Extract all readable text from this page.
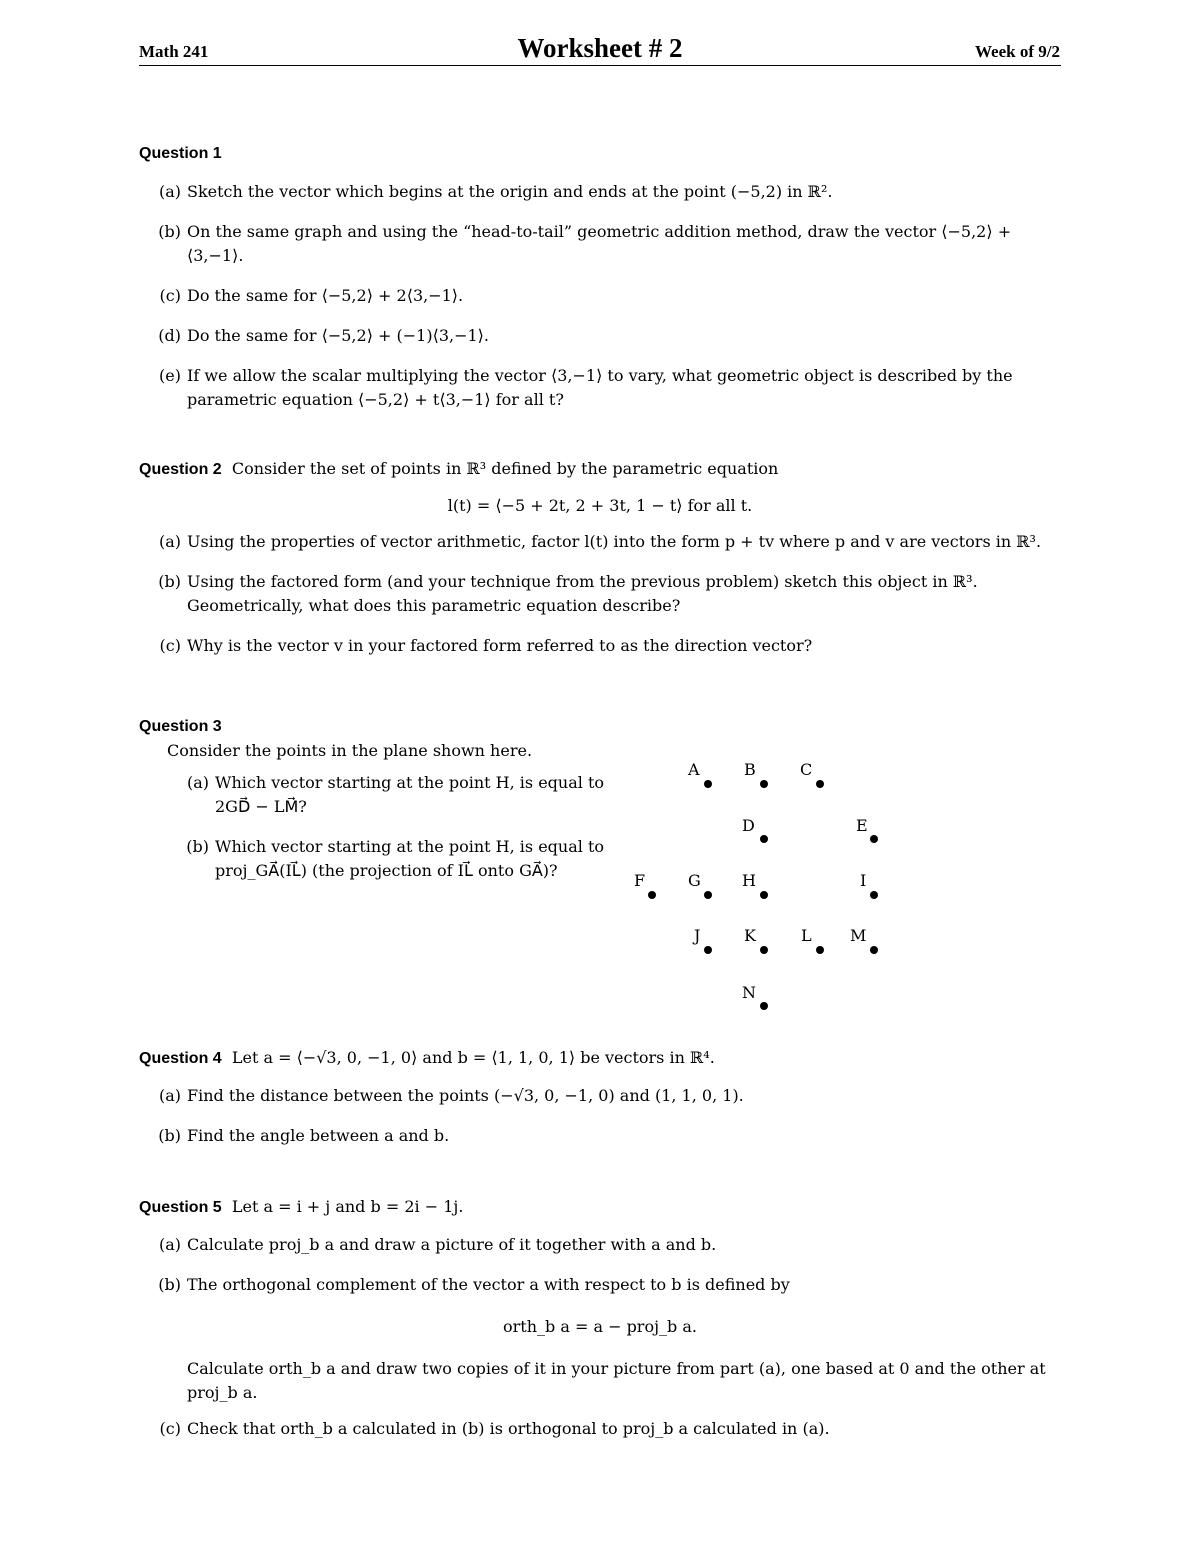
Math 241	Worksheet # 2	Week of 9/2
Question 1
(a) Sketch the vector which begins at the origin and ends at the point (−5,2) in ℝ².
(b) On the same graph and using the “head-to-tail” geometric addition method, draw the vector ⟨−5,2⟩ + ⟨3,−1⟩.
(c) Do the same for ⟨−5,2⟩ + 2⟨3,−1⟩.
(d) Do the same for ⟨−5,2⟩ + (−1)⟨3,−1⟩.
(e) If we allow the scalar multiplying the vector ⟨3,−1⟩ to vary, what geometric object is described by the parametric equation ⟨−5,2⟩ + t⟨3,−1⟩ for all t?
Question 2 Consider the set of points in ℝ³ defined by the parametric equation
l(t) = ⟨−5 + 2t, 2 + 3t, 1 − t⟩ for all t.
(a) Using the properties of vector arithmetic, factor l(t) into the form p + tv where p and v are vectors in ℝ³.
(b) Using the factored form (and your technique from the previous problem) sketch this object in ℝ³. Geometrically, what does this parametric equation describe?
(c) Why is the vector v in your factored form referred to as the direction vector?
Question 3
Consider the points in the plane shown here.
(a) Which vector starting at the point H, is equal to 2GD⃗ − LM⃗?
(b) Which vector starting at the point H, is equal to proj_GA⃗(IL⃗) (the projection of IL⃗ onto GA⃗)?
A	B	C
D	E
F	G	H	I
J	K	L M
N
Question 4 Let a = ⟨−√3, 0, −1, 0⟩ and b = ⟨1, 1, 0, 1⟩ be vectors in ℝ⁴.
(a) Find the distance between the points (−√3, 0, −1, 0) and (1, 1, 0, 1).
(b) Find the angle between a and b.
Question 5 Let a = i + j and b = 2i − 1j.
(a) Calculate proj_b a and draw a picture of it together with a and b.
(b) The orthogonal complement of the vector a with respect to b is defined by
orth_b a = a − proj_b a.
Calculate orth_b a and draw two copies of it in your picture from part (a), one based at 0 and the other at proj_b a.
(c) Check that orth_b a calculated in (b) is orthogonal to proj_b a calculated in (a).
